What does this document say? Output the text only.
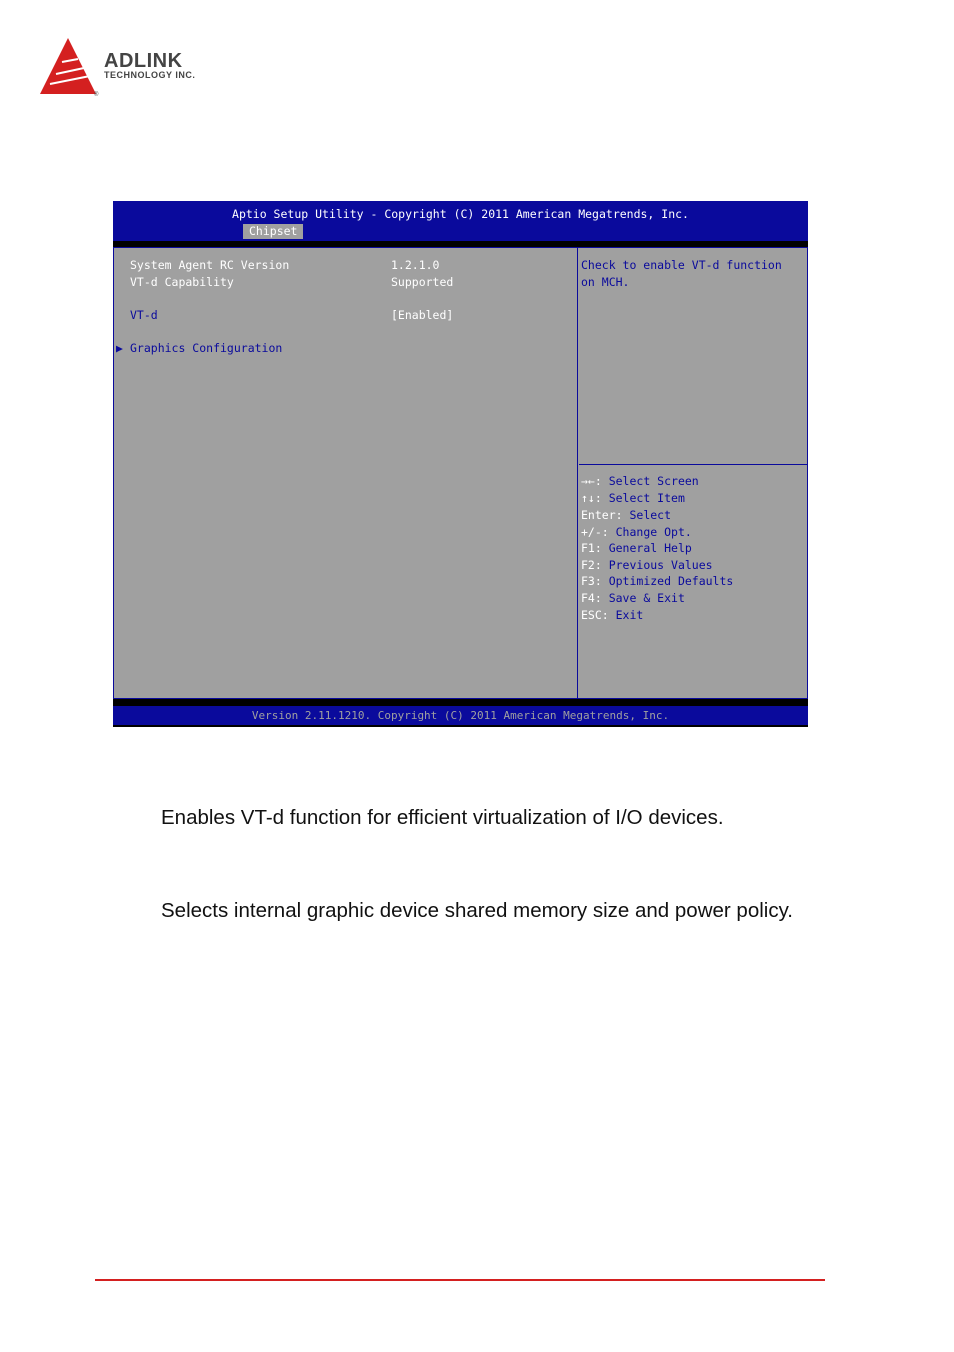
®
ADLINK
TECHNOLOGY INC.
Aptio Setup Utility - Copyright (C) 2011 American Megatrends, Inc.
Chipset
System Agent RC Version	1.2.1.0
VT-d Capability	Supported
VT-d	[Enabled]
▶ Graphics Configuration
Check to enable VT-d function
on MCH.
→←: Select Screen
↑↓: Select Item
Enter: Select
+/-: Change Opt.
F1: General Help
F2: Previous Values
F3: Optimized Defaults
F4: Save & Exit
ESC: Exit
Version 2.11.1210. Copyright (C) 2011 American Megatrends, Inc.
Enables VT-d function for efficient virtualization of I/O devices.
Selects internal graphic device shared memory size and power policy.
